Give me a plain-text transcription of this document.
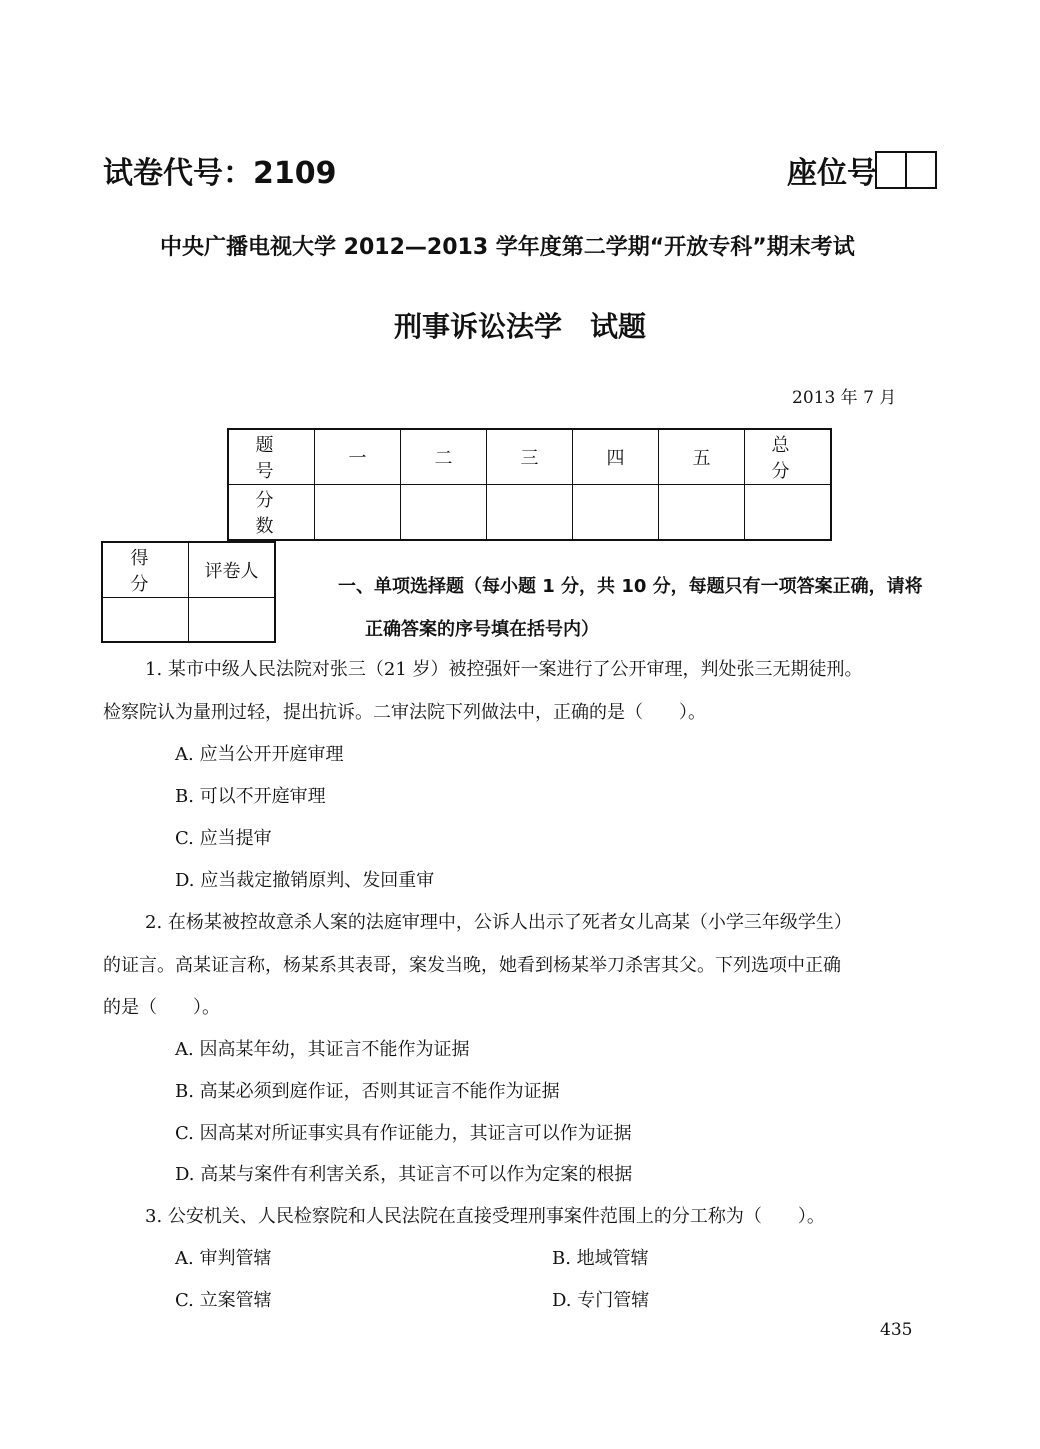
试卷代号：2109	座位号
中央广播电视大学 2012—2013 学年度第二学期“开放专科”期末考试
刑事诉讼法学　试题
2013 年 7 月
题　号	一	二	三	四	五	总　分
分　数						
得　分	评卷人

一、单项选择题（每小题 1 分，共 10 分，每题只有一项答案正确，请将
正确答案的序号填在括号内）
1. 某市中级人民法院对张三（21 岁）被控强奸一案进行了公开审理，判处张三无期徒刑。
检察院认为量刑过轻，提出抗诉。二审法院下列做法中，正确的是（　　）。
A. 应当公开开庭审理
B. 可以不开庭审理
C. 应当提审
D. 应当裁定撤销原判、发回重审
2. 在杨某被控故意杀人案的法庭审理中，公诉人出示了死者女儿高某（小学三年级学生）
的证言。高某证言称，杨某系其表哥，案发当晚，她看到杨某举刀杀害其父。下列选项中正确
的是（　　）。
A. 因高某年幼，其证言不能作为证据
B. 高某必须到庭作证，否则其证言不能作为证据
C. 因高某对所证事实具有作证能力，其证言可以作为证据
D. 高某与案件有利害关系，其证言不可以作为定案的根据
3. 公安机关、人民检察院和人民法院在直接受理刑事案件范围上的分工称为（　　）。
A. 审判管辖	B. 地域管辖
C. 立案管辖	D. 专门管辖
435
